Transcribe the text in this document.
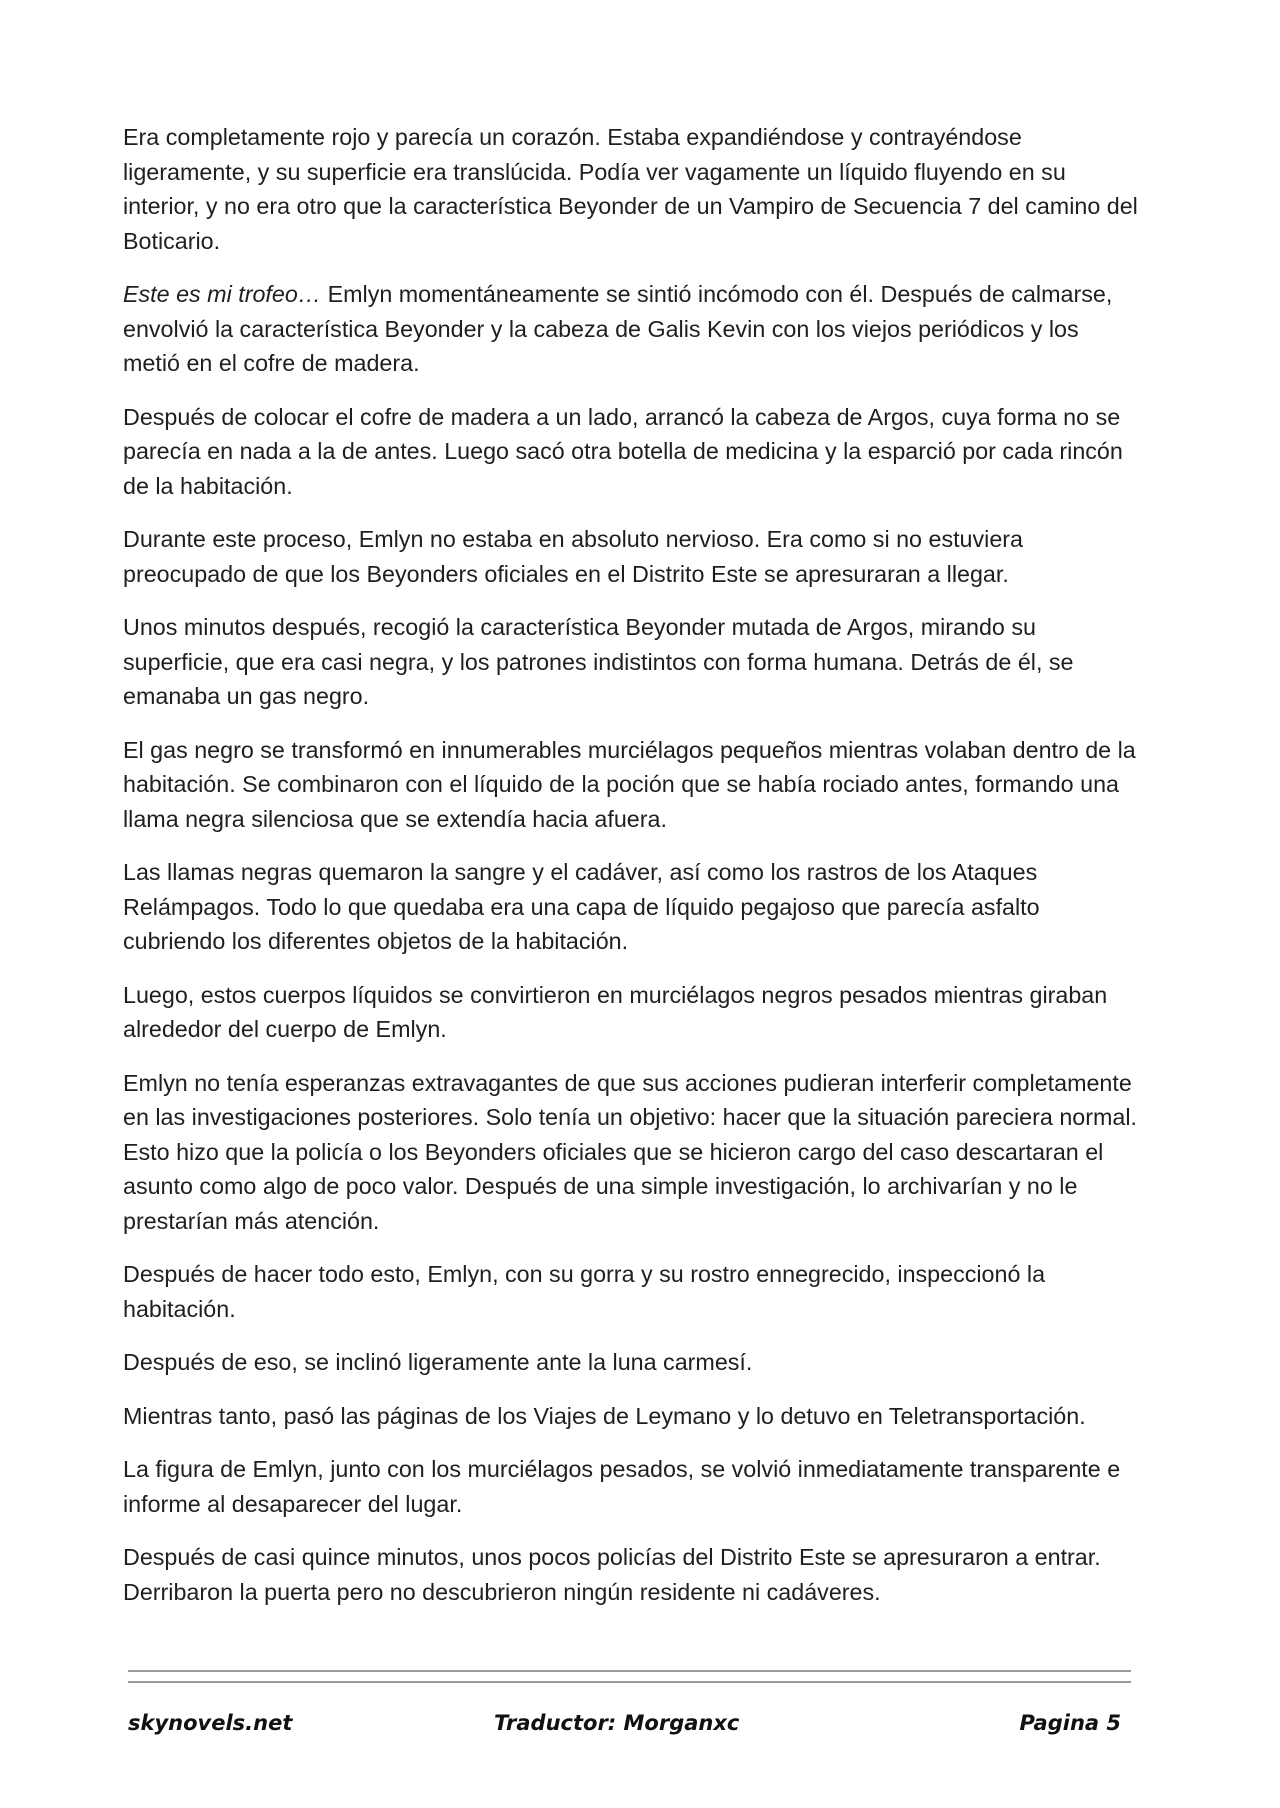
Era completamente rojo y parecía un corazón. Estaba expandiéndose y contrayéndose ligeramente, y su superficie era translúcida. Podía ver vagamente un líquido fluyendo en su interior, y no era otro que la característica Beyonder de un Vampiro de Secuencia 7 del camino del Boticario.

Este es mi trofeo… Emlyn momentáneamente se sintió incómodo con él. Después de calmarse, envolvió la característica Beyonder y la cabeza de Galis Kevin con los viejos periódicos y los metió en el cofre de madera.

Después de colocar el cofre de madera a un lado, arrancó la cabeza de Argos, cuya forma no se parecía en nada a la de antes. Luego sacó otra botella de medicina y la esparció por cada rincón de la habitación.

Durante este proceso, Emlyn no estaba en absoluto nervioso. Era como si no estuviera preocupado de que los Beyonders oficiales en el Distrito Este se apresuraran a llegar.

Unos minutos después, recogió la característica Beyonder mutada de Argos, mirando su superficie, que era casi negra, y los patrones indistintos con forma humana. Detrás de él, se emanaba un gas negro.

El gas negro se transformó en innumerables murciélagos pequeños mientras volaban dentro de la habitación. Se combinaron con el líquido de la poción que se había rociado antes, formando una llama negra silenciosa que se extendía hacia afuera.

Las llamas negras quemaron la sangre y el cadáver, así como los rastros de los Ataques Relámpagos. Todo lo que quedaba era una capa de líquido pegajoso que parecía asfalto cubriendo los diferentes objetos de la habitación.

Luego, estos cuerpos líquidos se convirtieron en murciélagos negros pesados mientras giraban alrededor del cuerpo de Emlyn.

Emlyn no tenía esperanzas extravagantes de que sus acciones pudieran interferir completamente en las investigaciones posteriores. Solo tenía un objetivo: hacer que la situación pareciera normal. Esto hizo que la policía o los Beyonders oficiales que se hicieron cargo del caso descartaran el asunto como algo de poco valor. Después de una simple investigación, lo archivarían y no le prestarían más atención.

Después de hacer todo esto, Emlyn, con su gorra y su rostro ennegrecido, inspeccionó la habitación.

Después de eso, se inclinó ligeramente ante la luna carmesí.

Mientras tanto, pasó las páginas de los Viajes de Leymano y lo detuvo en Teletransportación.

La figura de Emlyn, junto con los murciélagos pesados, se volvió inmediatamente transparente e informe al desaparecer del lugar.

Después de casi quince minutos, unos pocos policías del Distrito Este se apresuraron a entrar. Derribaron la puerta pero no descubrieron ningún residente ni cadáveres.

skynovels.net	Traductor: Morganxc	Pagina 5
